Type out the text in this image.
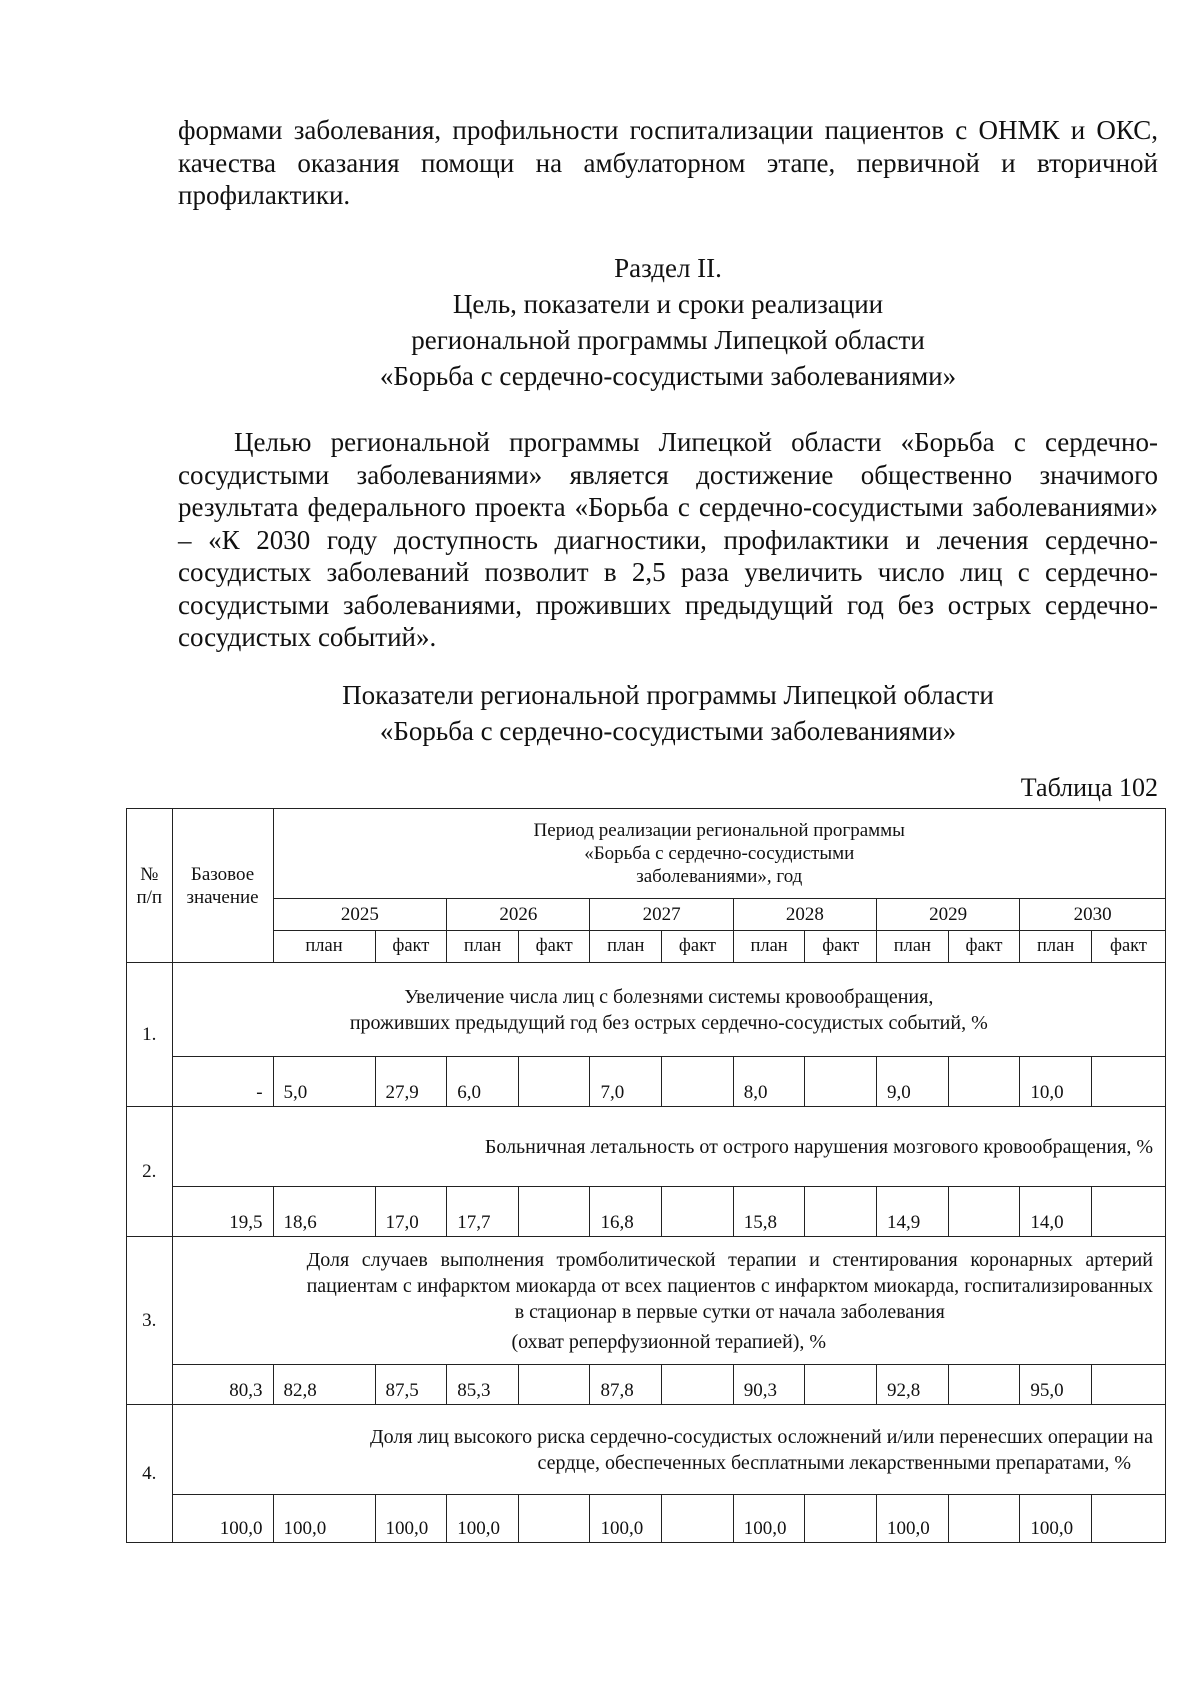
формами заболевания, профильности госпитализации пациентов с ОНМК и ОКС, качества оказания помощи на амбулаторном этапе, первичной и вторичной профилактики.
Раздел II.
Цель, показатели и сроки реализации
региональной программы Липецкой области
«Борьба с сердечно-сосудистыми заболеваниями»
Целью региональной программы Липецкой области «Борьба с сердечно-сосудистыми заболеваниями» является достижение общественно значимого результата федерального проекта «Борьба с сердечно-сосудистыми заболеваниями» – «К 2030 году доступность диагностики, профилактики и лечения сердечно-сосудистых заболеваний позволит в 2,5 раза увеличить число лиц с сердечно-сосудистыми заболеваниями, проживших предыдущий год без острых сердечно-сосудистых событий».
Показатели региональной программы Липецкой области
«Борьба с сердечно-сосудистыми заболеваниями»
Таблица 102
№ п/п	Базовое значение	Период реализации региональной программы
«Борьба с сердечно-сосудистыми
заболеваниями», год											

		2025		2026		2027		2028		2029		2030	
		план	факт	план	факт	план	факт	план	факт	план	факт	план	факт
1.	Увеличение числа лиц с болезнями системы кровообращения,
проживших предыдущий год без острых сердечно-сосудистых событий, %												

	-	5,0	27,9	6,0		7,0		8,0		9,0		10,0	
2.	Больничная летальность от острого нарушения мозгового кровообращения, %												

	19,5	18,6	17,0	17,7		16,8		15,8		14,9		14,0	
3.	Доля случаев выполнения тромболитической терапии и стентирования коронарных артерий пациентам с инфарктом миокарда от всех пациентов с инфарктом миокарда, госпитализированных в стационар в первые сутки от начала заболевания
(охват реперфузионной терапией), %												

	80,3	82,8	87,5	85,3		87,8		90,3		92,8		95,0	
4.	Доля лиц высокого риска сердечно-сосудистых осложнений и/или перенесших операции на
сердце, обеспеченных бесплатными лекарственными препаратами, %												

	100,0	100,0	100,0	100,0		100,0		100,0		100,0		100,0	
